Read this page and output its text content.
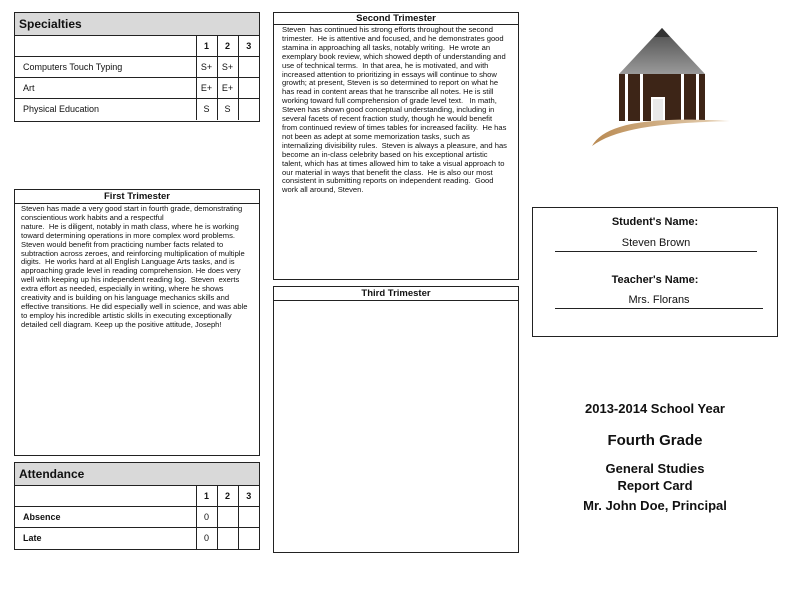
Specialties
	1	2	3
Computers Touch Typing	S+	S+	
Art	E+	E+	
Physical Education	S	S	
First Trimester
Steven has made a very good start in fourth grade, demonstrating
conscientious work habits and a respectful
nature.  He is diligent, notably in math class, where he is working
toward determining operations in more complex word problems.
Steven would benefit from practicing number facts related to
subtraction across zeroes, and reinforcing multiplication of multiple
digits.  He works hard at all English Language Arts tasks, and is
approaching grade level in reading comprehension. He does very
well with keeping up his independent reading log.  Steven  exerts
extra effort as needed, especially in writing, where he shows
creativity and is building on his language mechanics skills and
effective transitions. He did especially well in science, and was able
to employ his incredible artistic skills in executing exceptionally
detailed cell diagram. Keep up the positive attitude, Joseph!
Attendance
	1	2	3
Absence	0		
Late	0		
Second Trimester
Steven  has continued his strong efforts throughout the second
trimester.  He is attentive and focused, and he demonstrates good
stamina in approaching all tasks, notably writing.  He wrote an
exemplary book review, which showed depth of understanding and
use of technical terms.  In that area, he is motivated, and with
increased attention to prioritizing in essays will continue to show
growth; at present, Steven is so determined to report on what he
has read in content areas that he transcribe all notes. He is still
working toward full comprehension of grade level text.   In math,
Steven has shown good conceptual understanding, including in
several facets of recent fraction study, though he would benefit
from continued review of times tables for increased facility.  He has
not been as adept at some memorization tasks, such as
internalizing divisibility rules.  Steven is always a pleasure, and has
become an in-class celebrity based on his exceptional artistic
talent, which has at times allowed him to take a visual approach to
our material in ways that benefit the class.  He is also our most
consistent in submitting reports on independent reading.  Good
work all around, Steven.
Third Trimester
Student's Name:
Steven Brown
Teacher's Name:
Mrs. Florans
2013-2014 School Year
Fourth Grade
General Studies
Report Card
Mr. John Doe, Principal
